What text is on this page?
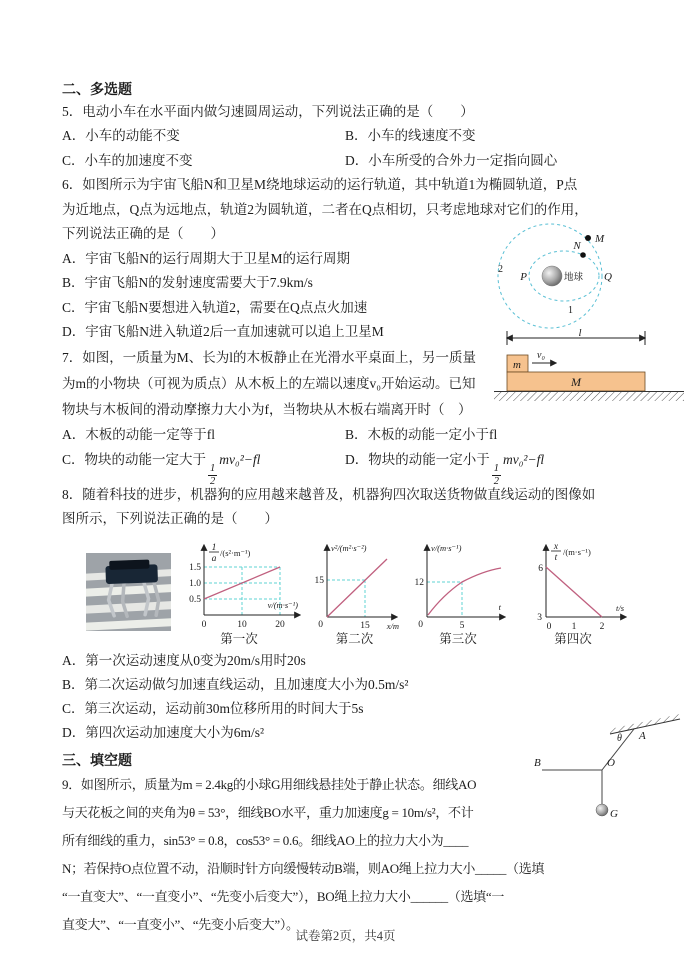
二、多选题
5．电动小车在水平面内做匀速圆周运动，下列说法正确的是（　　）
A．小车的动能不变	B．小车的线速度不变
C．小车的加速度不变	D．小车所受的合外力一定指向圆心
6．如图所示为宇宙飞船N和卫星M绕地球运动的运行轨道，其中轨道1为椭圆轨道，P点
为近地点，Q点为远地点，轨道2为圆轨道，二者在Q点相切，只考虑地球对它们的作用，
下列说法正确的是（　　）
A．宇宙飞船N的运行周期大于卫星M的运行周期
B．宇宙飞船N的发射速度需要大于7.9km/s
C．宇宙飞船N要想进入轨道2，需要在Q点点火加速
D．宇宙飞船N进入轨道2后一直加速就可以追上卫星M
7．如图，一质量为M、长为l的木板静止在光滑水平桌面上，另一质量
为m的小物块（可视为质点）从木板上的左端以速度v₀开始运动。已知
物块与木板间的滑动摩擦力大小为f，当物块从木板右端离开时（　）
A．木板的动能一定等于fl	B．木板的动能一定小于fl
C．物块的动能一定大于
$\frac{1}{2}$
mv₀²−fl	D．物块的动能一定小于
$\frac{1}{2}$
mv₀²−fl
8．随着科技的进步，机器狗的应用越来越普及，机器狗四次取送货物做直线运动的图像如
图所示，下列说法正确的是（　　）
1
a
/(s²·m⁻¹)
v/(m·s⁻¹)
0.5
1.0
1.5
0	10	20
第一次
v²/(m²·s⁻²)
x/m
15
15
0
第二次
v/(m·s⁻¹)
t
12
5
0
第三次
x
t
/(m·s⁻¹)
t/s
6
3
0 1 2
第四次
A．第一次运动速度从0变为20m/s用时20s
B．第二次运动做匀加速直线运动，且加速度大小为0.5m/s²
C．第三次运动，运动前30m位移所用的时间大于5s
D．第四次运动加速度大小为6m/s²
三、填空题
9．如图所示，质量为m = 2.4kg的小球G用细线悬挂处于静止状态。细线AO
与天花板之间的夹角为θ = 53°，细线BO水平，重力加速度g = 10m/s²，不计
所有细线的重力，sin53° = 0.8，cos53° = 0.6。细线AO上的拉力大小为____
N；若保持O点位置不动，沿顺时针方向缓慢转动B端，则AO绳上拉力大小_____（选填
“一直变大”、“一直变小”、“先变小后变大”），BO绳上拉力大小______（选填“一
直变大”、“一直变小”、“先变小后变大”）。
地球
P	Q
N
M
2
1
l
m
v₀
M
θ A
B	O
G
试卷第2页，共4页
